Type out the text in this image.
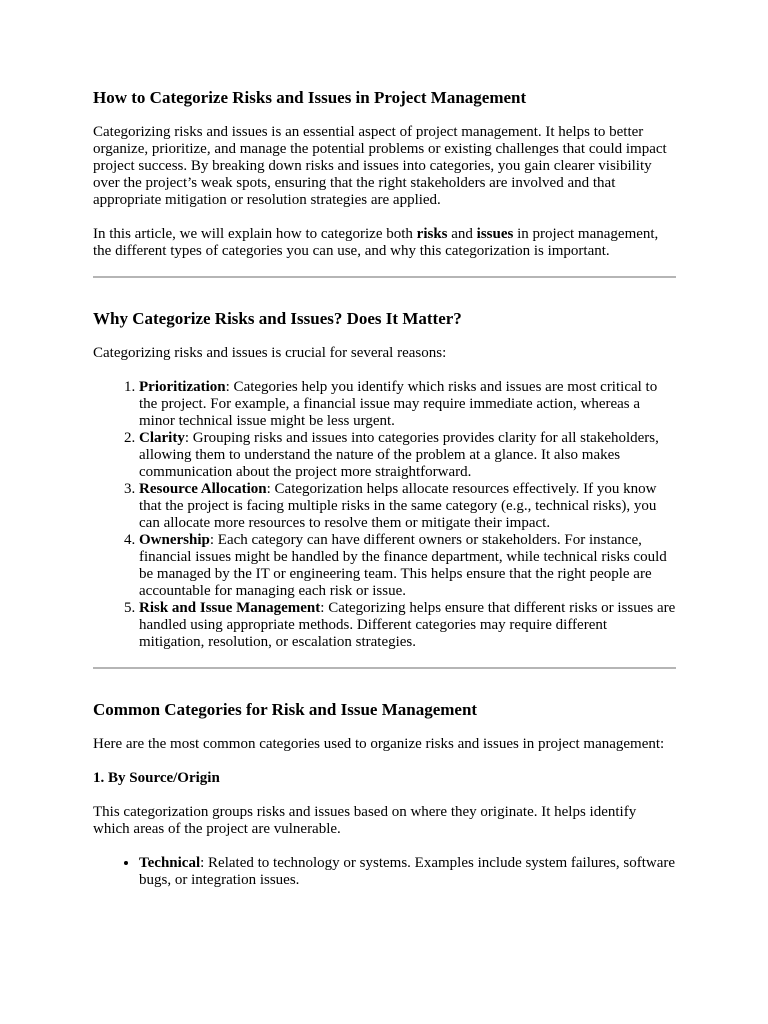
How to Categorize Risks and Issues in Project Management

Categorizing risks and issues is an essential aspect of project management. It helps to better organize, prioritize, and manage the potential problems or existing challenges that could impact project success. By breaking down risks and issues into categories, you gain clearer visibility over the project’s weak spots, ensuring that the right stakeholders are involved and that appropriate mitigation or resolution strategies are applied.

In this article, we will explain how to categorize both risks and issues in project management, the different types of categories you can use, and why this categorization is important.

Why Categorize Risks and Issues? Does It Matter?

Categorizing risks and issues is crucial for several reasons:

1. Prioritization: Categories help you identify which risks and issues are most critical to the project. For example, a financial issue may require immediate action, whereas a minor technical issue might be less urgent.
2. Clarity: Grouping risks and issues into categories provides clarity for all stakeholders, allowing them to understand the nature of the problem at a glance. It also makes communication about the project more straightforward.
3. Resource Allocation: Categorization helps allocate resources effectively. If you know that the project is facing multiple risks in the same category (e.g., technical risks), you can allocate more resources to resolve them or mitigate their impact.
4. Ownership: Each category can have different owners or stakeholders. For instance, financial issues might be handled by the finance department, while technical risks could be managed by the IT or engineering team. This helps ensure that the right people are accountable for managing each risk or issue.
5. Risk and Issue Management: Categorizing helps ensure that different risks or issues are handled using appropriate methods. Different categories may require different mitigation, resolution, or escalation strategies.
Common Categories for Risk and Issue Management

Here are the most common categories used to organize risks and issues in project management:

1. By Source/Origin

This categorization groups risks and issues based on where they originate. It helps identify which areas of the project are vulnerable.

• Technical: Related to technology or systems. Examples include system failures, software bugs, or integration issues.
